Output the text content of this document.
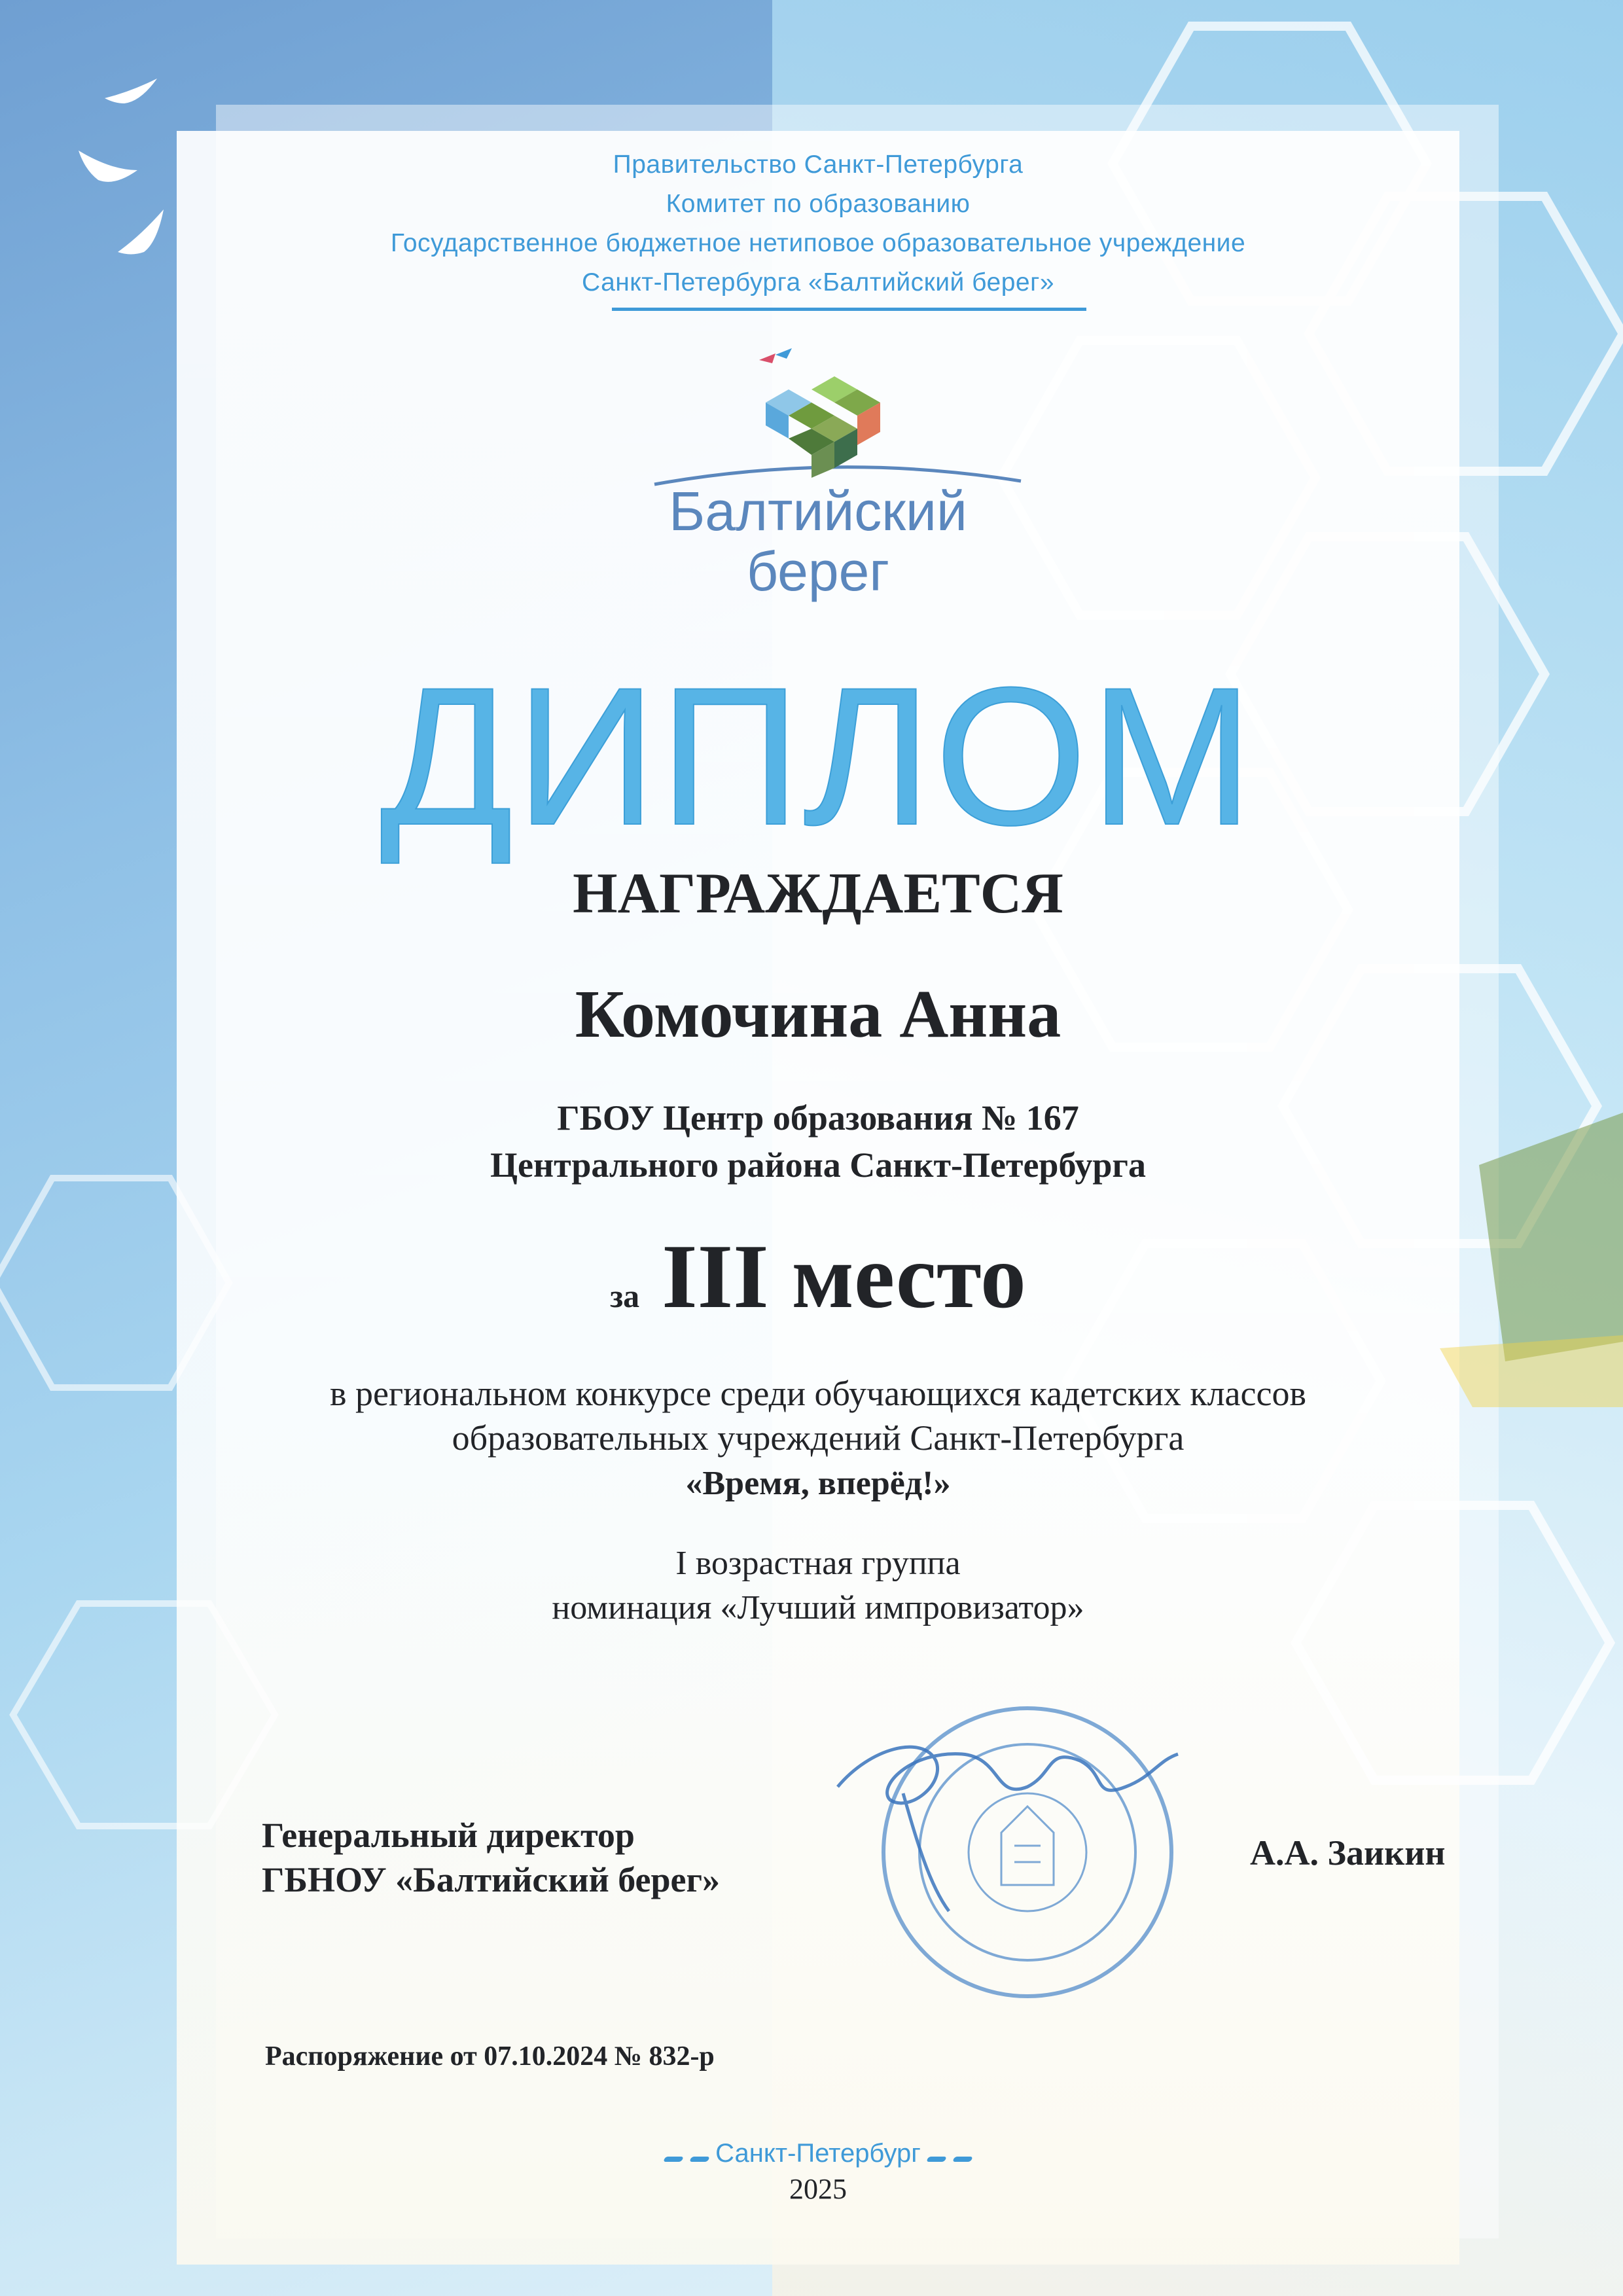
Правительство Санкт-Петербурга
Комитет по образованию
Государственное бюджетное нетиповое образовательное учреждение
Санкт-Петербурга «Балтийский берег»
Балтийский
берег
ДИПЛОМ
НАГРАЖДАЕТСЯ
Комочина Анна
ГБОУ Центр образования № 167
Центрального района Санкт-Петербурга
за III место
в региональном конкурсе среди обучающихся кадетских классов
образовательных учреждений Санкт-Петербурга
«Время, вперёд!»
I возрастная группа
номинация «Лучший импровизатор»
Генеральный директор
ГБНОУ «Балтийский берег»
А.А. Заикин
Распоряжение от 07.10.2024 № 832-р
Санкт-Петербург
2025
